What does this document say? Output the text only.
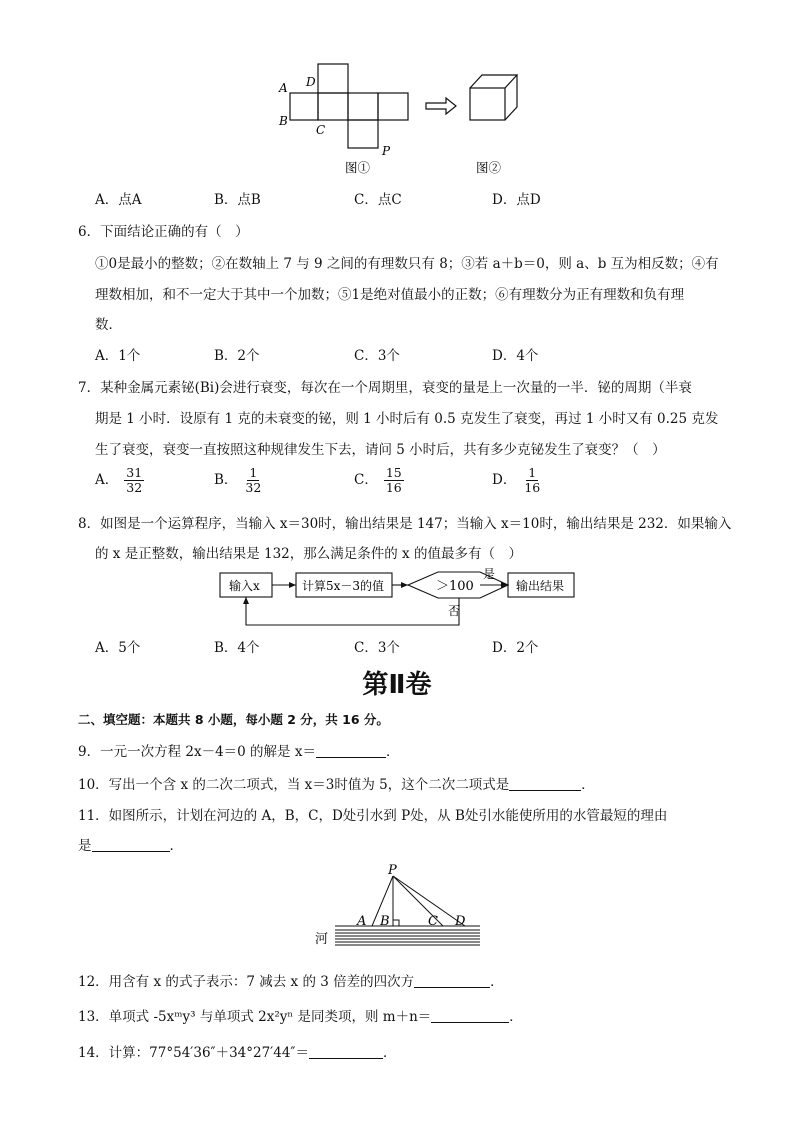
A
B
D
C
P
图①	图②
A．点A	B．点B	C．点C	D．点D
6．下面结论正确的有（　）
①0是最小的整数；②在数轴上 7 与 9 之间的有理数只有 8；③若 a＋b＝0，则 a、b 互为相反数；④有
理数相加，和不一定大于其中一个加数；⑤1是绝对值最小的正数；⑥有理数分为正有理数和负有理
数．
A．1个	B．2个	C．3个	D．4个
7．某种金属元素铋(Bi)会进行衰变，每次在一个周期里，衰变的量是上一次量的一半．铋的周期（半衰
期是 1 小时．设原有 1 克的未衰变的铋，则 1 小时后有 0.5 克发生了衰变，再过 1 小时又有 0.25 克发
生了衰变，衰变一直按照这种规律发生下去，请问 5 小时后，共有多少克铋发生了衰变？（　）
A． $\frac{31}{32}$	B． $\frac{1}{32}$	C． $\frac{15}{16}$	D． $\frac{1}{16}$
8．如图是一个运算程序，当输入 x＝30时，输出结果是 147；当输入 x＝10时，输出结果是 232．如果输入
的 x 是正整数，输出结果是 132，那么满足条件的 x 的值最多有（　）
输入x	计算5x－3的值	＞100	输出结果
是
否
A．5个	B．4个	C．3个	D．2个
第Ⅱ卷
二、填空题：本题共 8 小题，每小题 2 分，共 16 分。
9．一元一次方程 2x－4＝0 的解是 x＝	．
10．写出一个含 x 的二次二项式，当 x＝3时值为 5，这个二次二项式是	．
11．如图所示，计划在河边的 A，B，C，D处引水到 P处，从 B处引水能使所用的水管最短的理由
是	．
P
A B	C D
河
12．用含有 x 的式子表示：7 减去 x 的 3 倍差的四次方	．
13．单项式 -5xᵐy³ 与单项式 2x²yⁿ 是同类项，则 m＋n＝	．
14．计算：77°54′36″＋34°27′44″＝	．
